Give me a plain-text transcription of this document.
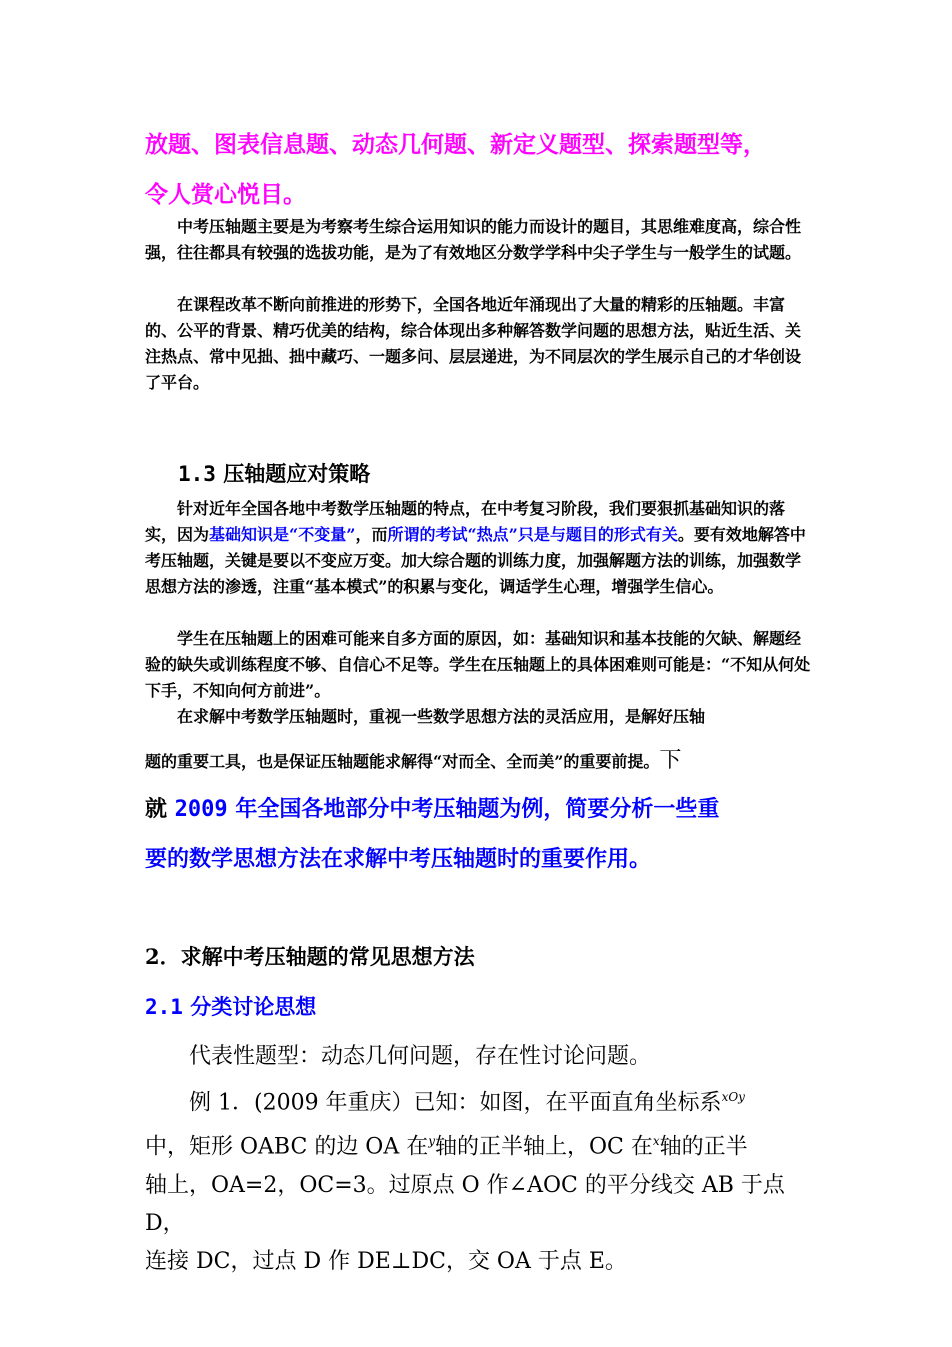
放题、图表信息题、动态几何题、新定义题型、探索题型等，
令人赏心悦目。
中考压轴题主要是为考察考生综合运用知识的能力而设计的题目，其思维难度高，综合性强，往往都具有较强的选拔功能，是为了有效地区分数学学科中尖子学生与一般学生的试题。
在课程改革不断向前推进的形势下，全国各地近年涌现出了大量的精彩的压轴题。丰富的、公平的背景、精巧优美的结构，综合体现出多种解答数学问题的思想方法，贴近生活、关注热点、常中见拙、拙中藏巧、一题多问、层层递进，为不同层次的学生展示自己的才华创设了平台。
1.3 压轴题应对策略
针对近年全国各地中考数学压轴题的特点，在中考复习阶段，我们要狠抓基础知识的落实，因为基础知识是“不变量”，而所谓的考试“热点”只是与题目的形式有关。要有效地解答中考压轴题，关键是要以不变应万变。加大综合题的训练力度，加强解题方法的训练，加强数学思想方法的渗透，注重“基本模式”的积累与变化，调适学生心理，增强学生信心。
学生在压轴题上的困难可能来自多方面的原因，如：基础知识和基本技能的欠缺、解题经验的缺失或训练程度不够、自信心不足等。学生在压轴题上的具体困难则可能是：“不知从何处下手，不知向何方前进”。
在求解中考数学压轴题时，重视一些数学思想方法的灵活应用，是解好压轴
题的重要工具，也是保证压轴题能求解得“对而全、全而美”的重要前提。下
就 2009 年全国各地部分中考压轴题为例，简要分析一些重
要的数学思想方法在求解中考压轴题时的重要作用。
2．求解中考压轴题的常见思想方法
2.1 分类讨论思想
代表性题型：动态几何问题，存在性讨论问题。
例 1．(2009 年重庆）已知：如图，在平面直角坐标系$^{xOy}$
中，矩形 OABC 的边 OA 在$^y$轴的正半轴上，OC 在$^x$轴的正半
轴上，OA=2，OC=3。过原点 O 作∠AOC 的平分线交 AB 于点 D，
连接 DC，过点 D 作 DE⊥DC，交 OA 于点 E。
